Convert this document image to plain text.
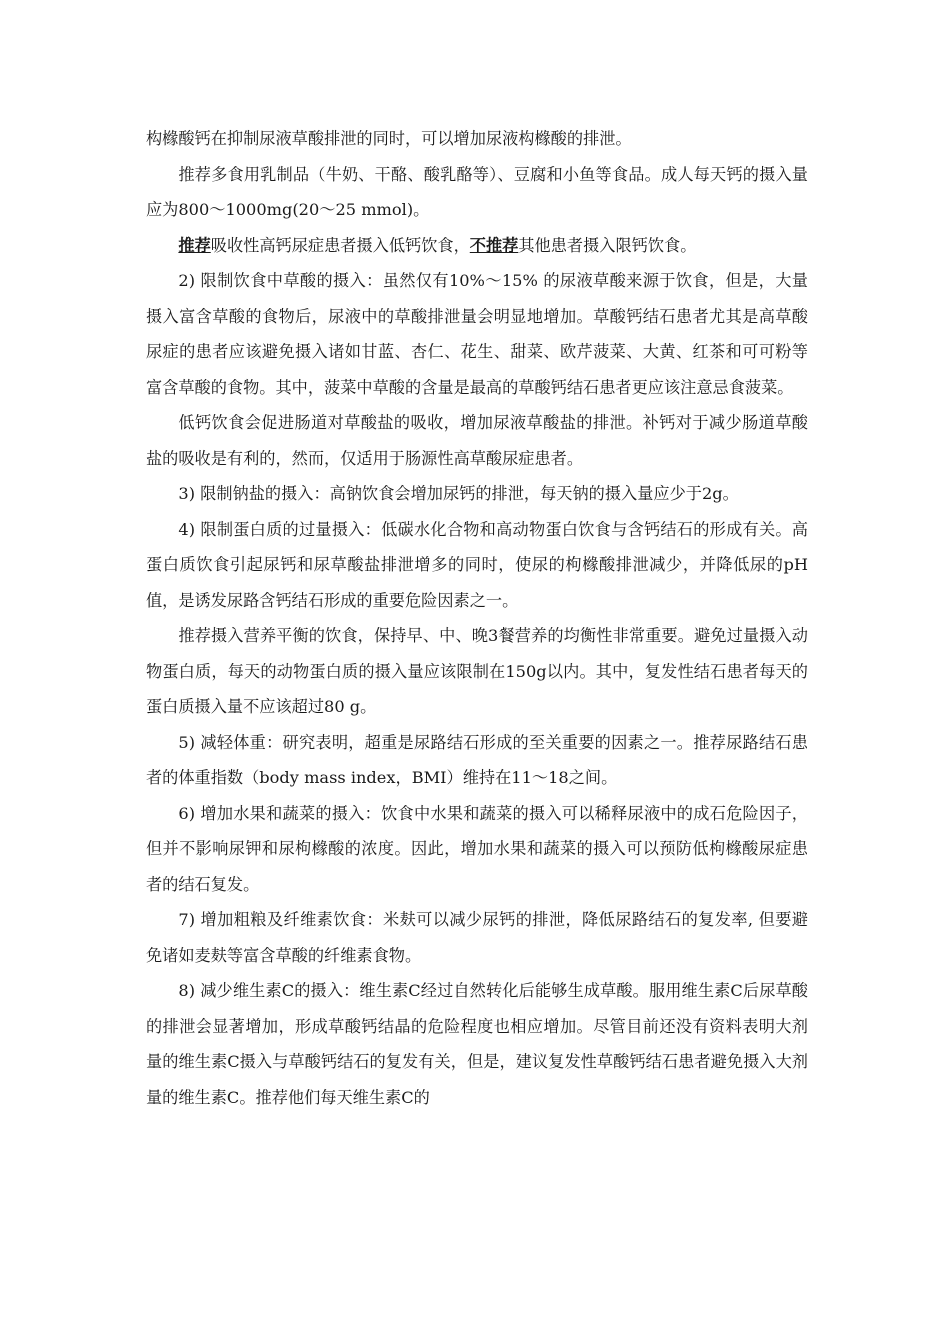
构橼酸钙在抑制尿液草酸排泄的同时，可以增加尿液构橼酸的排泄。

推荐多食用乳制品（牛奶、干酪、酸乳酪等）、豆腐和小鱼等食品。成人每天钙的摄入量应为800～1000mg(20～25 mmol)。

推荐吸收性高钙尿症患者摄入低钙饮食，不推荐其他患者摄入限钙饮食。

2) 限制饮食中草酸的摄入：虽然仅有10%～15% 的尿液草酸来源于饮食，但是，大量摄入富含草酸的食物后，尿液中的草酸排泄量会明显地增加。草酸钙结石患者尤其是高草酸尿症的患者应该避免摄入诸如甘蓝、杏仁、花生、甜菜、欧芹菠菜、大黄、红茶和可可粉等富含草酸的食物。其中，菠菜中草酸的含量是最高的草酸钙结石患者更应该注意忌食菠菜。

低钙饮食会促进肠道对草酸盐的吸收，增加尿液草酸盐的排泄。补钙对于减少肠道草酸盐的吸收是有利的，然而，仅适用于肠源性高草酸尿症患者。

3) 限制钠盐的摄入：高钠饮食会增加尿钙的排泄，每天钠的摄入量应少于2g。

4) 限制蛋白质的过量摄入：低碳水化合物和高动物蛋白饮食与含钙结石的形成有关。高蛋白质饮食引起尿钙和尿草酸盐排泄增多的同时，使尿的枸橼酸排泄减少，并降低尿的pH值，是诱发尿路含钙结石形成的重要危险因素之一。

推荐摄入营养平衡的饮食，保持早、中、晚3餐营养的均衡性非常重要。避免过量摄入动物蛋白质，每天的动物蛋白质的摄入量应该限制在150g以内。其中，复发性结石患者每天的蛋白质摄入量不应该超过80 g。

5) 减轻体重：研究表明，超重是尿路结石形成的至关重要的因素之一。推荐尿路结石患者的体重指数（body mass index，BMI）维持在11～18之间。

6) 增加水果和蔬菜的摄入：饮食中水果和蔬菜的摄入可以稀释尿液中的成石危险因子，但并不影响尿钾和尿枸橼酸的浓度。因此，增加水果和蔬菜的摄入可以预防低枸橼酸尿症患者的结石复发。

7) 增加粗粮及纤维素饮食：米麸可以减少尿钙的排泄，降低尿路结石的复发率, 但要避免诸如麦麸等富含草酸的纤维素食物。

8) 减少维生素C的摄入：维生素C经过自然转化后能够生成草酸。服用维生素C后尿草酸的排泄会显著增加，形成草酸钙结晶的危险程度也相应增加。尽管目前还没有资料表明大剂量的维生素C摄入与草酸钙结石的复发有关，但是，建议复发性草酸钙结石患者避免摄入大剂量的维生素C。推荐他们每天维生素C的
